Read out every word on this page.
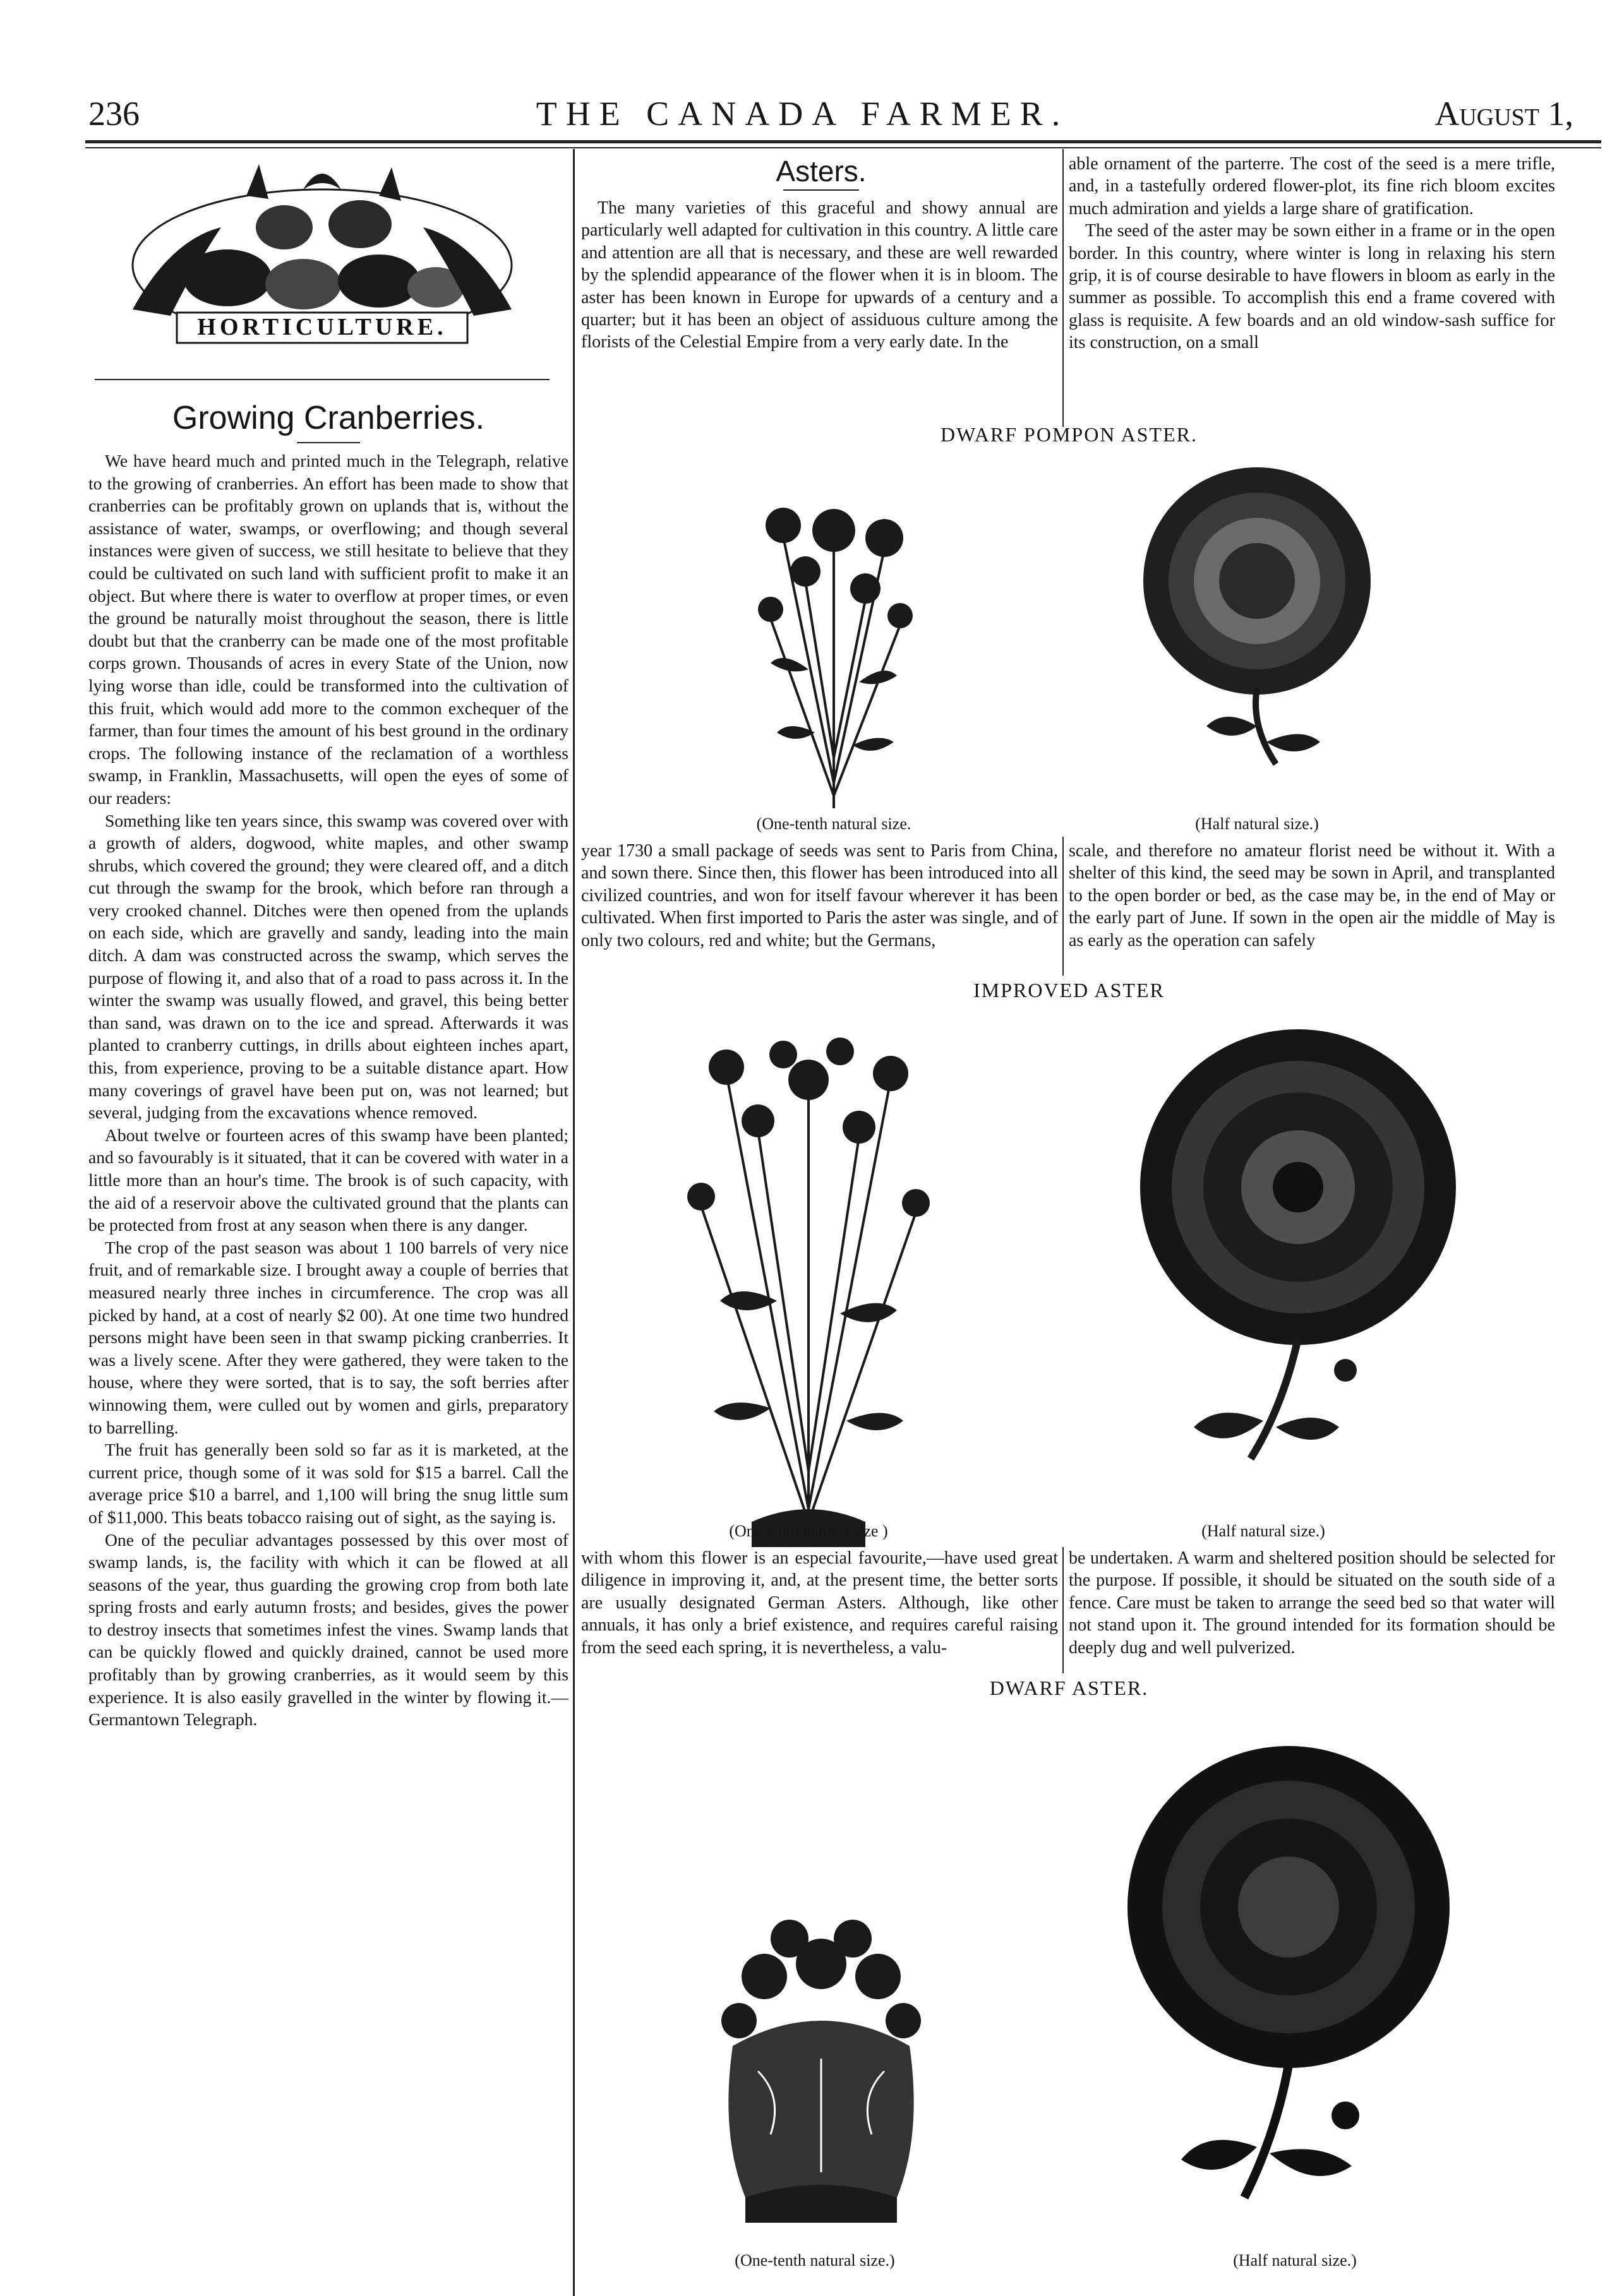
236	THE CANADA FARMER.	August 1,
HORTICULTURE.
Growing Cranberries.

We have heard much and printed much in the Telegraph, relative to the growing of cranberries. An effort has been made to show that cranberries can be profitably grown on uplands that is, without the assistance of water, swamps, or overflowing; and though several instances were given of success, we still hesitate to believe that they could be cultivated on such land with sufficient profit to make it an object. But where there is water to overflow at proper times, or even the ground be naturally moist throughout the season, there is little doubt but that the cranberry can be made one of the most profitable corps grown. Thousands of acres in every State of the Union, now lying worse than idle, could be transformed into the cultivation of this fruit, which would add more to the common exchequer of the farmer, than four times the amount of his best ground in the ordinary crops. The following instance of the reclamation of a worthless swamp, in Franklin, Massachusetts, will open the eyes of some of our readers:

Something like ten years since, this swamp was covered over with a growth of alders, dogwood, white maples, and other swamp shrubs, which covered the ground; they were cleared off, and a ditch cut through the swamp for the brook, which before ran through a very crooked channel. Ditches were then opened from the uplands on each side, which are gravelly and sandy, leading into the main ditch. A dam was constructed across the swamp, which serves the purpose of flowing it, and also that of a road to pass across it. In the winter the swamp was usually flowed, and gravel, this being better than sand, was drawn on to the ice and spread. Afterwards it was planted to cranberry cuttings, in drills about eighteen inches apart, this, from experience, proving to be a suitable distance apart. How many coverings of gravel have been put on, was not learned; but several, judging from the excavations whence removed.

About twelve or fourteen acres of this swamp have been planted; and so favourably is it situated, that it can be covered with water in a little more than an hour's time. The brook is of such capacity, with the aid of a reservoir above the cultivated ground that the plants can be protected from frost at any season when there is any danger.

The crop of the past season was about 1 100 barrels of very nice fruit, and of remarkable size. I brought away a couple of berries that measured nearly three inches in circumference. The crop was all picked by hand, at a cost of nearly $2 00). At one time two hundred persons might have been seen in that swamp picking cranberries. It was a lively scene. After they were gathered, they were taken to the house, where they were sorted, that is to say, the soft berries after winnowing them, were culled out by women and girls, preparatory to barrelling.

The fruit has generally been sold so far as it is marketed, at the current price, though some of it was sold for $15 a barrel. Call the average price $10 a barrel, and 1,100 will bring the snug little sum of $11,000. This beats tobacco raising out of sight, as the saying is.

One of the peculiar advantages possessed by this over most of swamp lands, is, the facility with which it can be flowed at all seasons of the year, thus guarding the growing crop from both late spring frosts and early autumn frosts; and besides, gives the power to destroy insects that sometimes infest the vines. Swamp lands that can be quickly flowed and quickly drained, cannot be used more profitably than by growing cranberries, as it would seem by this experience. It is also easily gravelled in the winter by flowing it.—Germantown Telegraph.

Asters.

The many varieties of this graceful and showy annual are particularly well adapted for cultivation in this country. A little care and attention are all that is necessary, and these are well rewarded by the splendid appearance of the flower when it is in bloom. The aster has been known in Europe for upwards of a century and a quarter; but it has been an object of assiduous culture among the florists of the Celestial Empire from a very early date. In the

able ornament of the parterre. The cost of the seed is a mere trifle, and, in a tastefully ordered flower-plot, its fine rich bloom excites much admiration and yields a large share of gratification.

The seed of the aster may be sown either in a frame or in the open border. In this country, where winter is long in relaxing his stern grip, it is of course desirable to have flowers in bloom as early in the summer as possible. To accomplish this end a frame covered with glass is requisite. A few boards and an old window-sash suffice for its construction, on a small

DWARF POMPON ASTER.
(One-tenth natural size.	(Half natural size.)

year 1730 a small package of seeds was sent to Paris from China, and sown there. Since then, this flower has been introduced into all civilized countries, and won for itself favour wherever it has been cultivated. When first imported to Paris the aster was single, and of only two colours, red and white; but the Germans,

scale, and therefore no amateur florist need be without it. With a shelter of this kind, the seed may be sown in April, and transplanted to the open border or bed, as the case may be, in the end of May or the early part of June. If sown in the open air the middle of May is as early as the operation can safely

IMPROVED ASTER
(One tenth natural size )	(Half natural size.)

with whom this flower is an especial favourite,—have used great diligence in improving it, and, at the present time, the better sorts are usually designated German Asters. Although, like other annuals, it has only a brief existence, and requires careful raising from the seed each spring, it is nevertheless, a valu-

be undertaken. A warm and sheltered position should be selected for the purpose. If possible, it should be situated on the south side of a fence. Care must be taken to arrange the seed bed so that water will not stand upon it. The ground intended for its formation should be deeply dug and well pulverized.

DWARF ASTER.
(One-tenth natural size.)	(Half natural size.)
